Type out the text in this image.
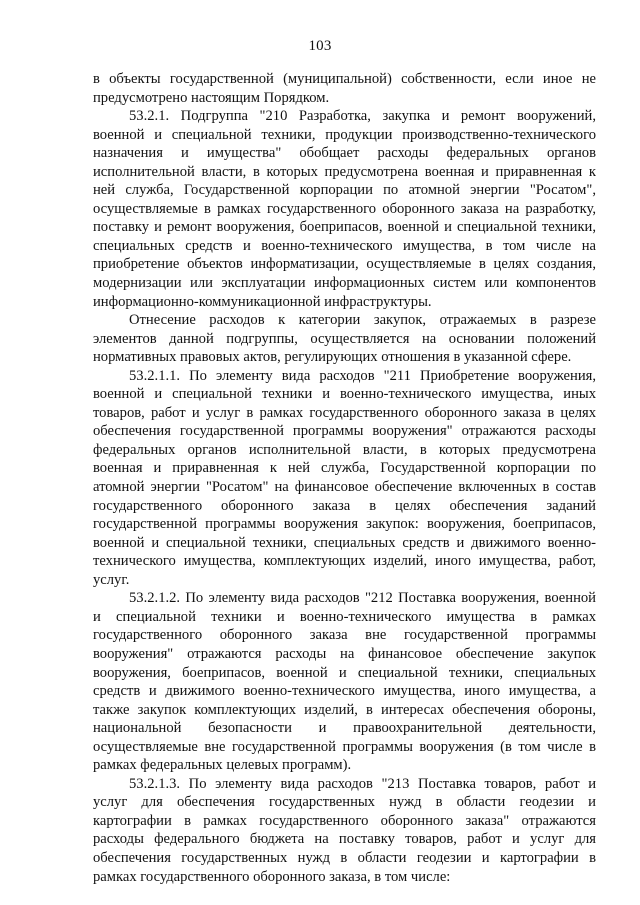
103
в объекты государственной (муниципальной) собственности, если иное не
предусмотрено настоящим Порядком.
53.2.1. Подгруппа "210 Разработка, закупка и ремонт вооружений,
военной и специальной техники, продукции производственно-технического
назначения и имущества" обобщает расходы федеральных органов
исполнительной власти, в которых предусмотрена военная и приравненная к
ней служба, Государственной корпорации по атомной энергии "Росатом",
осуществляемые в рамках государственного оборонного заказа на разработку,
поставку и ремонт вооружения, боеприпасов, военной и специальной техники,
специальных средств и военно-технического имущества, в том числе на
приобретение объектов информатизации, осуществляемые в целях создания,
модернизации или эксплуатации информационных систем или компонентов
информационно-коммуникационной инфраструктуры.
Отнесение расходов к категории закупок, отражаемых в разрезе
элементов данной подгруппы, осуществляется на основании положений
нормативных правовых актов, регулирующих отношения в указанной сфере.
53.2.1.1. По элементу вида расходов "211 Приобретение вооружения,
военной и специальной техники и военно-технического имущества, иных
товаров, работ и услуг в рамках государственного оборонного заказа в целях
обеспечения государственной программы вооружения" отражаются расходы
федеральных органов исполнительной власти, в которых предусмотрена
военная и приравненная к ней служба, Государственной корпорации по
атомной энергии "Росатом" на финансовое обеспечение включенных в состав
государственного оборонного заказа в целях обеспечения заданий
государственной программы вооружения закупок: вооружения, боеприпасов,
военной и специальной техники, специальных средств и движимого военно-
технического имущества, комплектующих изделий, иного имущества, работ,
услуг.
53.2.1.2. По элементу вида расходов "212 Поставка вооружения, военной
и специальной техники и военно-технического имущества в рамках
государственного оборонного заказа вне государственной программы
вооружения" отражаются расходы на финансовое обеспечение закупок
вооружения, боеприпасов, военной и специальной техники, специальных
средств и движимого военно-технического имущества, иного имущества, а
также закупок комплектующих изделий, в интересах обеспечения обороны,
национальной безопасности и правоохранительной деятельности,
осуществляемые вне государственной программы вооружения (в том числе в
рамках федеральных целевых программ).
53.2.1.3. По элементу вида расходов "213 Поставка товаров, работ и
услуг для обеспечения государственных нужд в области геодезии и
картографии в рамках государственного оборонного заказа" отражаются
расходы федерального бюджета на поставку товаров, работ и услуг для
обеспечения государственных нужд в области геодезии и картографии в
рамках государственного оборонного заказа, в том числе:
